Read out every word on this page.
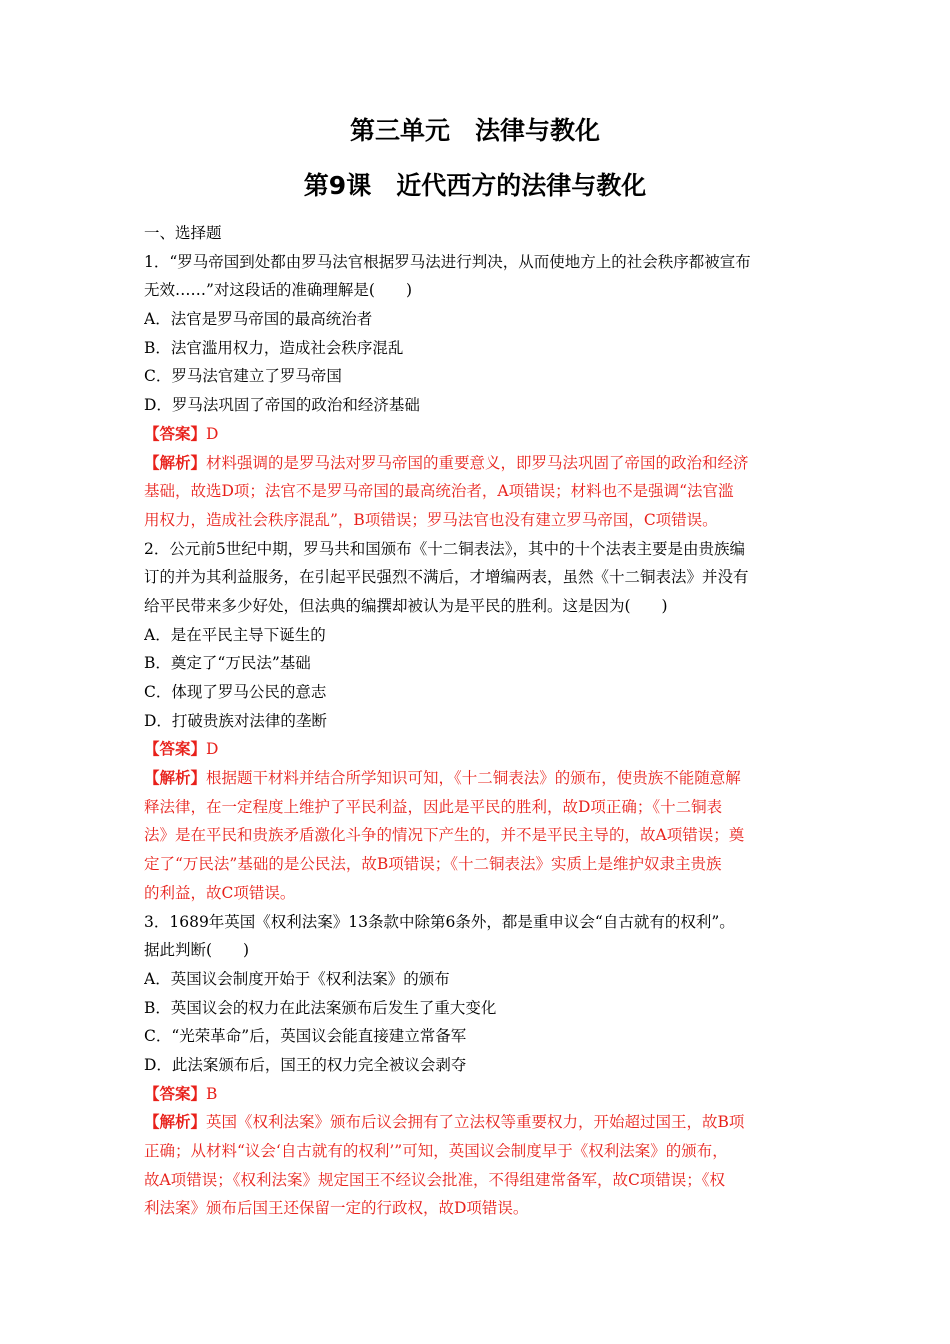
第三单元　法律与教化
第9课　近代西方的法律与教化
一、选择题
1．“罗马帝国到处都由罗马法官根据罗马法进行判决，从而使地方上的社会秩序都被宣布
无效……”对这段话的准确理解是(　　)
A．法官是罗马帝国的最高统治者
B．法官滥用权力，造成社会秩序混乱
C．罗马法官建立了罗马帝国
D．罗马法巩固了帝国的政治和经济基础
【答案】D
【解析】材料强调的是罗马法对罗马帝国的重要意义，即罗马法巩固了帝国的政治和经济
基础，故选D项；法官不是罗马帝国的最高统治者，A项错误；材料也不是强调“法官滥
用权力，造成社会秩序混乱”，B项错误；罗马法官也没有建立罗马帝国，C项错误。
2．公元前5世纪中期，罗马共和国颁布《十二铜表法》，其中的十个法表主要是由贵族编
订的并为其利益服务，在引起平民强烈不满后，才增编两表，虽然《十二铜表法》并没有
给平民带来多少好处，但法典的编撰却被认为是平民的胜利。这是因为(　　)
A．是在平民主导下诞生的
B．奠定了“万民法”基础
C．体现了罗马公民的意志
D．打破贵族对法律的垄断
【答案】D
【解析】根据题干材料并结合所学知识可知，《十二铜表法》的颁布，使贵族不能随意解
释法律，在一定程度上维护了平民利益，因此是平民的胜利，故D项正确；《十二铜表
法》是在平民和贵族矛盾激化斗争的情况下产生的，并不是平民主导的，故A项错误；奠
定了“万民法”基础的是公民法，故B项错误；《十二铜表法》实质上是维护奴隶主贵族
的利益，故C项错误。
3．1689年英国《权利法案》13条款中除第6条外，都是重申议会“自古就有的权利”。
据此判断(　　)
A．英国议会制度开始于《权利法案》的颁布
B．英国议会的权力在此法案颁布后发生了重大变化
C．“光荣革命”后，英国议会能直接建立常备军
D．此法案颁布后，国王的权力完全被议会剥夺
【答案】B
【解析】英国《权利法案》颁布后议会拥有了立法权等重要权力，开始超过国王，故B项
正确；从材料“议会‘自古就有的权利’”可知，英国议会制度早于《权利法案》的颁布，
故A项错误；《权利法案》规定国王不经议会批准，不得组建常备军，故C项错误；《权
利法案》颁布后国王还保留一定的行政权，故D项错误。
